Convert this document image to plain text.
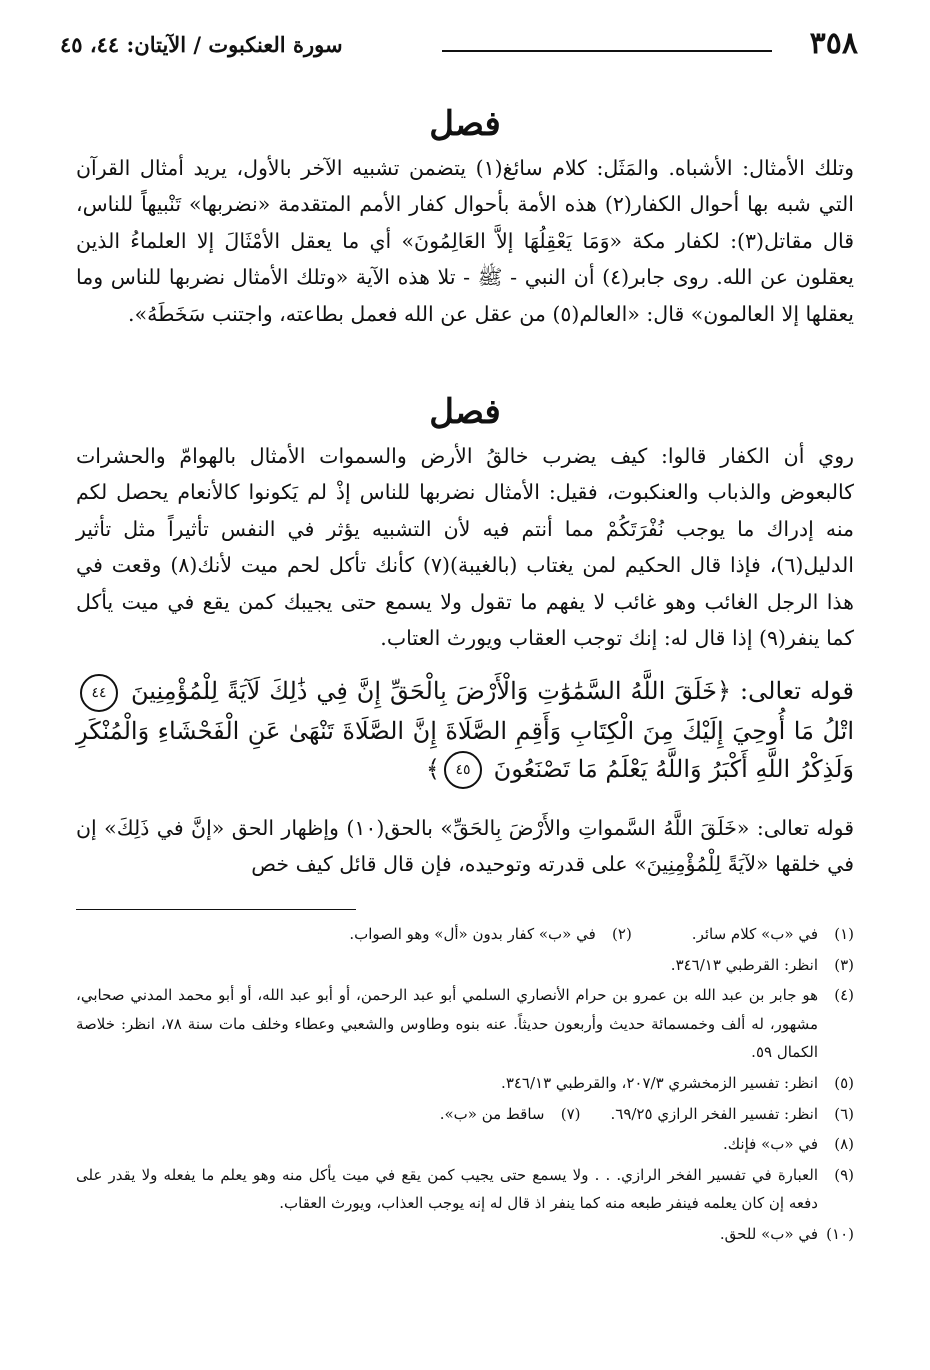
٣٥٨
سورة العنكبوت / الآيتان: ٤٤، ٤٥
فصل
وتلك الأمثال: الأشباه. والمَثَل: كلام سائغ(١) يتضمن تشبيه الآخر بالأول، يريد أمثال القرآن التي شبه بها أحوال الكفار(٢) هذه الأمة بأحوال كفار الأمم المتقدمة «نضربها» تَنْبيهاً للناس، قال مقاتل(٣): لكفار مكة «وَمَا يَعْقِلُهَا إلاَّ العَالِمُونَ» أي ما يعقل الأمْثَالَ إلا العلماءُ الذين يعقلون عن الله. روى جابر(٤) أن النبي - ﷺ - تلا هذه الآية «وتلك الأمثال نضربها للناس وما يعقلها إلا العالمون» قال: «العالم(٥) من عقل عن الله فعمل بطاعته، واجتنب سَخَطَهُ».
فصل
روي أن الكفار قالوا: كيف يضرب خالقُ الأرض والسموات الأمثال بالهوامّ والحشرات كالبعوض والذباب والعنكبوت، فقيل: الأمثال نضربها للناس إذْ لم يَكونوا كالأنعام يحصل لكم منه إدراك ما يوجب نُفْرَتَكُمْ مما أنتم فيه لأن التشبيه يؤثر في النفس تأثيراً مثل تأثير الدليل(٦)، فإذا قال الحكيم لمن يغتاب (بالغيبة)(٧) كأنك تأكل لحم ميت لأنك(٨) وقعت في هذا الرجل الغائب وهو غائب لا يفهم ما تقول ولا يسمع حتى يجيبك كمن يقع في ميت يأكل كما ينفر(٩) إذا قال له: إنك توجب العقاب ويورث العتاب.
قوله تعالى: ﴿خَلَقَ اللَّهُ السَّمَٰوَٰتِ وَالْأَرْضَ بِالْحَقِّ إِنَّ فِي ذَٰلِكَ لَآيَةً لِلْمُؤْمِنِينَ ٤٤ اتْلُ مَا أُوحِيَ إِلَيْكَ مِنَ الْكِتَابِ وَأَقِمِ الصَّلَاةَ إِنَّ الصَّلَاةَ تَنْهَىٰ عَنِ الْفَحْشَاءِ وَالْمُنْكَرِ وَلَذِكْرُ اللَّهِ أَكْبَرُ وَاللَّهُ يَعْلَمُ مَا تَصْنَعُونَ ٤٥﴾
قوله تعالى: «خَلَقَ اللَّهُ السَّمواتِ والأَرْضَ بِالحَقِّ» بالحق(١٠) وإظهار الحق «إنَّ في ذَلِكَ» إن في خلقها «لآيَةً لِلْمُؤْمِنِينَ» على قدرته وتوحيده، فإن قال قائل كيف خص
(١)
في «ب» كلام سائر.
(٢)
في «ب» كفار بدون «أل» وهو الصواب.
(٣)
انظر: القرطبي ٣٤٦/١٣.
(٤)
هو جابر بن عبد الله بن عمرو بن حرام الأنصاري السلمي أبو عبد الرحمن، أو أبو عبد الله، أو أبو محمد المدني صحابي، مشهور، له ألف وخمسمائة حديث وأربعون حديثاً. عنه بنوه وطاوس والشعبي وعطاء وخلف مات سنة ٧٨، انظر: خلاصة الكمال ٥٩.
(٥)
انظر: تفسير الزمخشري ٢٠٧/٣، والقرطبي ٣٤٦/١٣.
(٦)
انظر: تفسير الفخر الرازي ٦٩/٢٥.
(٧)
ساقط من «ب».
(٨)
في «ب» فإنك.
(٩)
العبارة في تفسير الفخر الرازي. . . ولا يسمع حتى يجيب كمن يقع في ميت يأكل منه وهو يعلم ما يفعله ولا يقدر على دفعه إن كان يعلمه فينفر طبعه منه كما ينفر اذ قال له إنه يوجب العذاب، ويورث العقاب.
(١٠)
في «ب» للحق.
